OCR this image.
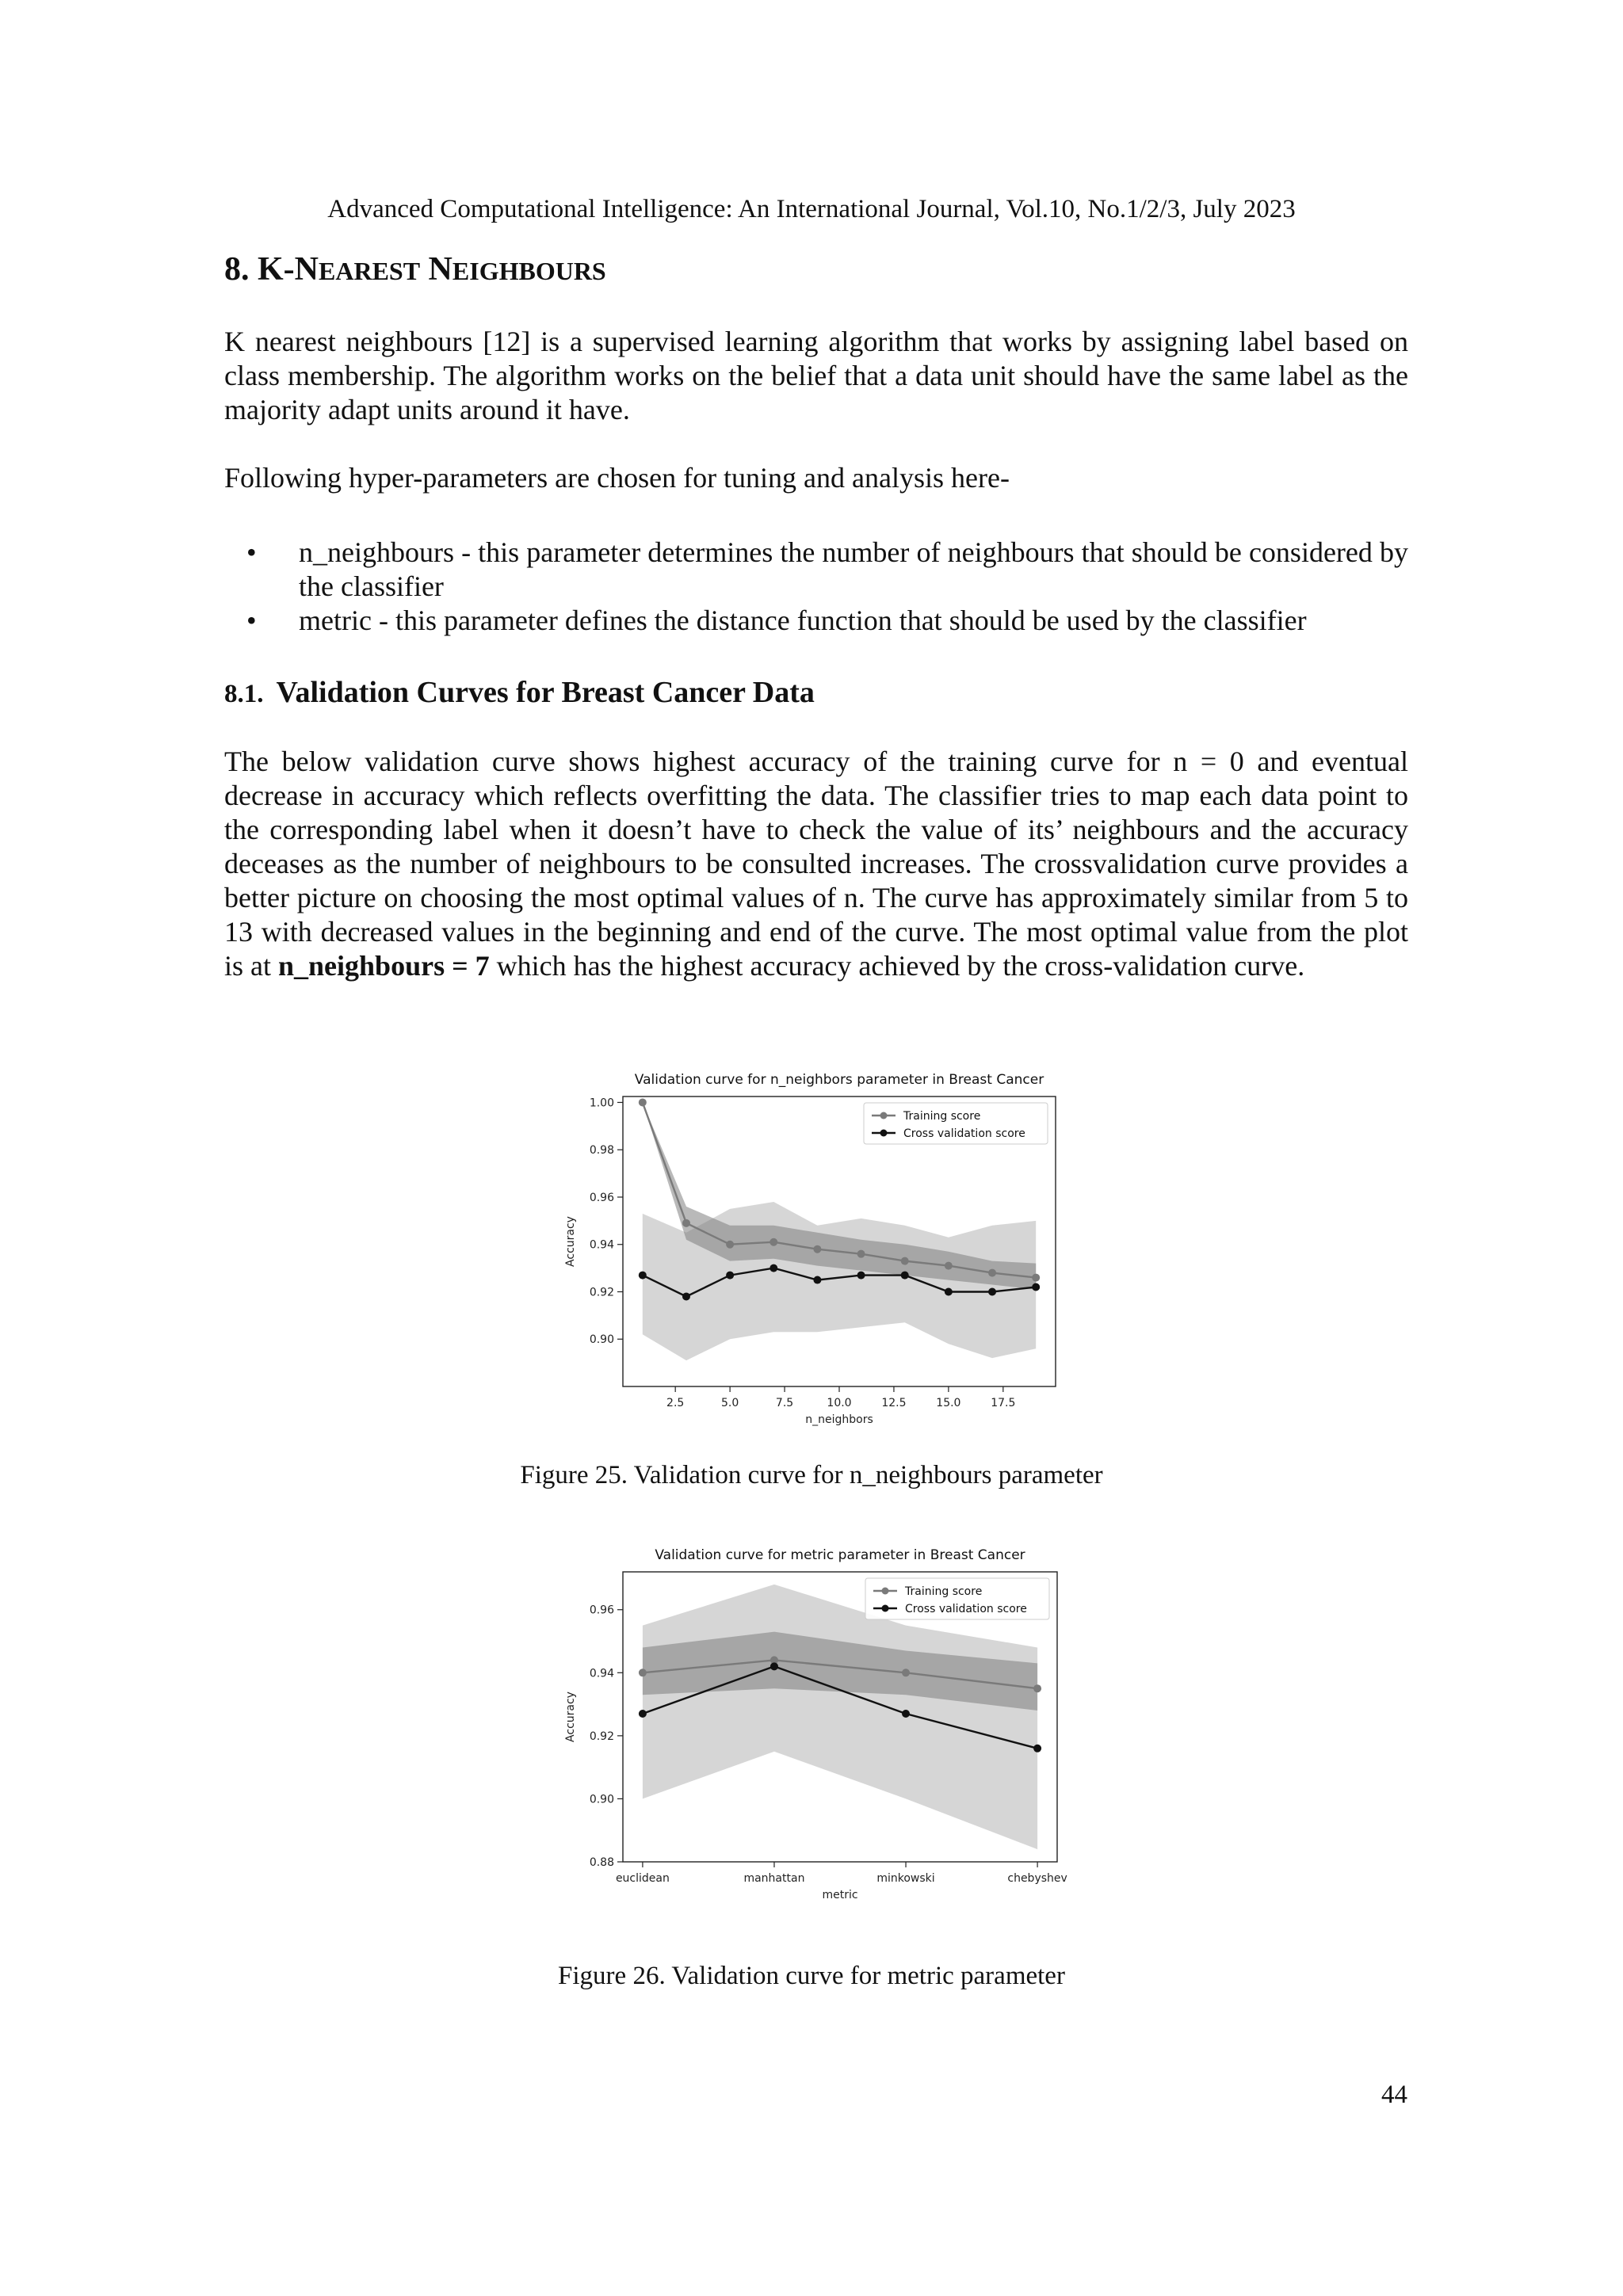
Advanced Computational Intelligence: An International Journal, Vol.10, No.1/2/3, July 2023
8. K-NEAREST NEIGHBOURS

K nearest neighbours [12] is a supervised learning algorithm that works by assigning label based on class membership. The algorithm works on the belief that a data unit should have the same label as the majority adapt units around it have.

Following hyper-parameters are chosen for tuning and analysis here-

• n_neighbours - this parameter determines the number of neighbours that should be considered by the classifier
• metric - this parameter defines the distance function that should be used by the classifier
8.1. Validation Curves for Breast Cancer Data

The below validation curve shows highest accuracy of the training curve for n = 0 and eventual decrease in accuracy which reflects overfitting the data. The classifier tries to map each data point to the corresponding label when it doesn’t have to check the value of its’ neighbours and the accuracy deceases as the number of neighbours to be consulted increases. The crossvalidation curve provides a better picture on choosing the most optimal values of n. The curve has approximately similar from 5 to 13 with decreased values in the beginning and end of the curve. The most optimal value from the plot is at n_neighbours = 7 which has the highest accuracy achieved by the cross-validation curve.

0.90
0.92
0.94
0.96
0.98
1.00
2.5	5.0	7.5	10.0	12.5	15.0	17.5
Validation curve for n_neighbors parameter in Breast Cancer
n_neighbors
Accuracy
Training score
Cross validation score
Figure 25. Validation curve for n_neighbours parameter
0.88
0.90
0.92
0.94
0.96
euclidean	manhattan	minkowski	chebyshev
Validation curve for metric parameter in Breast Cancer
metric
Accuracy
Training score
Cross validation score
Figure 26. Validation curve for metric parameter
44
